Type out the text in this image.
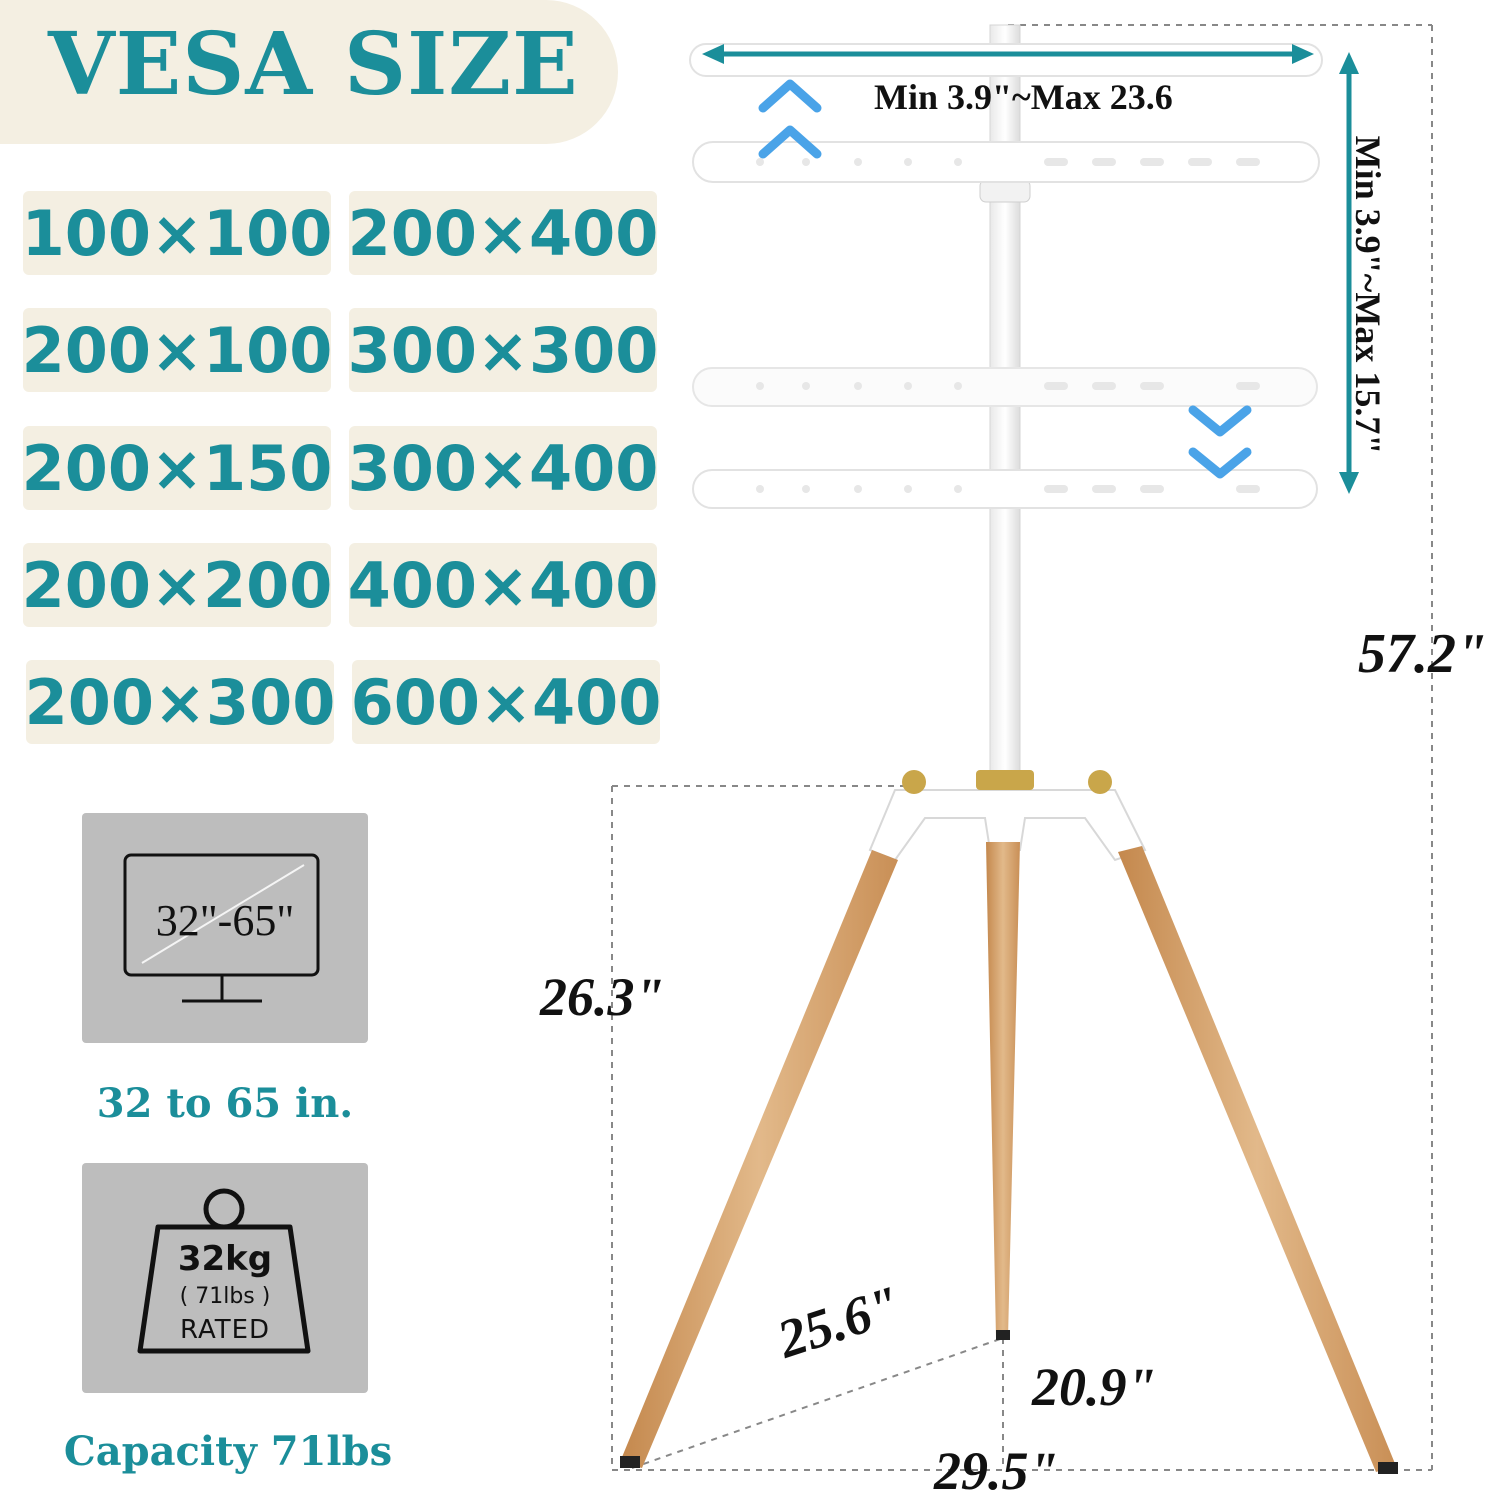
VESA SIZE
100×100 200×400
200×100 300×300
200×150 300×400
200×200 400×400
200×300 600×400
32"-65"
32 to 65 in.
32kg
( 71lbs )
RATED
Capacity 71lbs
Min 3.9"~Max 23.6
Min 3.9"~Max 15.7"
57.2"
26.3"
25.6"
20.9"
29.5"
